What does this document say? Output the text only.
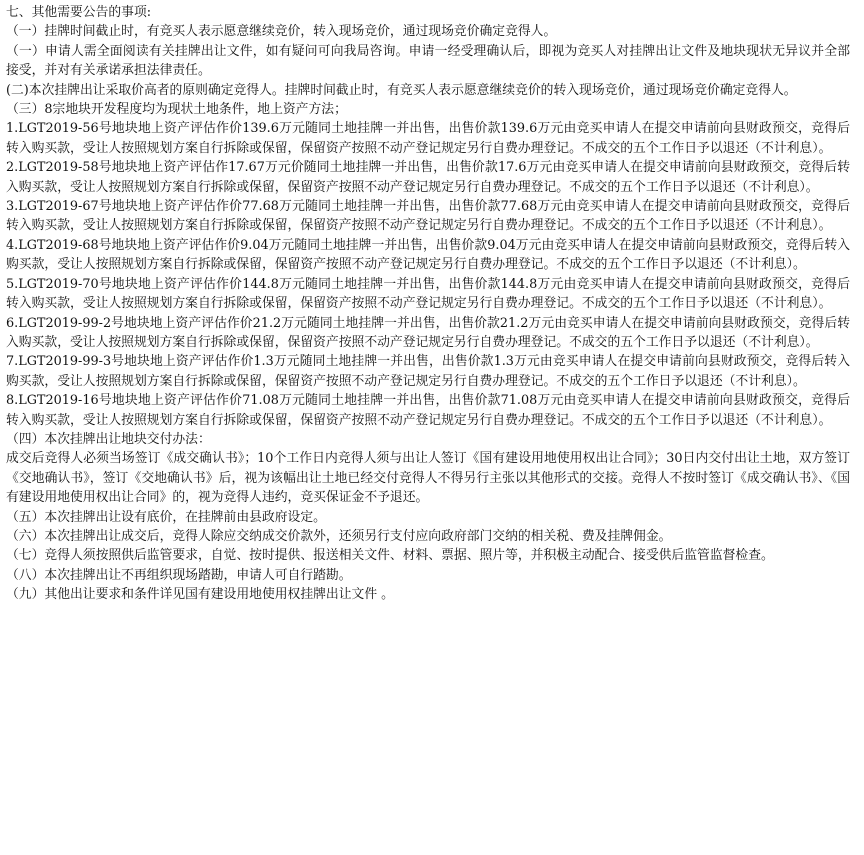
七、其他需要公告的事项:

（一）挂牌时间截止时，有竞买人表示愿意继续竞价，转入现场竞价，通过现场竞价确定竞得人。

（一）申请人需全面阅读有关挂牌出让文件，如有疑问可向我局咨询。申请一经受理确认后，即视为竞买人对挂牌出让文件及地块现状无异议并全部接受，并对有关承诺承担法律责任。

(二)本次挂牌出让采取价高者的原则确定竞得人。挂牌时间截止时，有竞买人表示愿意继续竞价的转入现场竞价，通过现场竞价确定竞得人。

（三）8宗地块开发程度均为现状土地条件，地上资产方法；

1.LGT2019-56号地块地上资产评估作价139.6万元随同土地挂牌一并出售，出售价款139.6万元由竞买申请人在提交申请前向县财政预交，竞得后转入购买款，受让人按照规划方案自行拆除或保留，保留资产按照不动产登记规定另行自费办理登记。不成交的五个工作日予以退还（不计利息）。

2.LGT2019-58号地块地上资产评估作17.67万元价随同土地挂牌一并出售，出售价款17.6万元由竞买申请人在提交申请前向县财政预交，竞得后转入购买款，受让人按照规划方案自行拆除或保留，保留资产按照不动产登记规定另行自费办理登记。不成交的五个工作日予以退还（不计利息）。

3.LGT2019-67号地块地上资产评估作价77.68万元随同土地挂牌一并出售，出售价款77.68万元由竞买申请人在提交申请前向县财政预交，竞得后转入购买款，受让人按照规划方案自行拆除或保留，保留资产按照不动产登记规定另行自费办理登记。不成交的五个工作日予以退还（不计利息）。

4.LGT2019-68号地块地上资产评估作价9.04万元随同土地挂牌一并出售，出售价款9.04万元由竞买申请人在提交申请前向县财政预交，竞得后转入购买款，受让人按照规划方案自行拆除或保留，保留资产按照不动产登记规定另行自费办理登记。不成交的五个工作日予以退还（不计利息）。

5.LGT2019-70号地块地上资产评估作价144.8万元随同土地挂牌一并出售，出售价款144.8万元由竞买申请人在提交申请前向县财政预交，竞得后转入购买款，受让人按照规划方案自行拆除或保留，保留资产按照不动产登记规定另行自费办理登记。不成交的五个工作日予以退还（不计利息）。

6.LGT2019-99-2号地块地上资产评估作价21.2万元随同土地挂牌一并出售，出售价款21.2万元由竞买申请人在提交申请前向县财政预交，竞得后转入购买款，受让人按照规划方案自行拆除或保留，保留资产按照不动产登记规定另行自费办理登记。不成交的五个工作日予以退还（不计利息）。

7.LGT2019-99-3号地块地上资产评估作价1.3万元随同土地挂牌一并出售，出售价款1.3万元由竞买申请人在提交申请前向县财政预交，竞得后转入购买款，受让人按照规划方案自行拆除或保留，保留资产按照不动产登记规定另行自费办理登记。不成交的五个工作日予以退还（不计利息）。

8.LGT2019-16号地块地上资产评估作价71.08万元随同土地挂牌一并出售，出售价款71.08万元由竞买申请人在提交申请前向县财政预交，竞得后转入购买款，受让人按照规划方案自行拆除或保留，保留资产按照不动产登记规定另行自费办理登记。不成交的五个工作日予以退还（不计利息）。

（四）本次挂牌出让地块交付办法：

成交后竞得人必须当场签订《成交确认书》；10个工作日内竞得人须与出让人签订《国有建设用地使用权出让合同》；30日内交付出让土地，双方签订《交地确认书》，签订《交地确认书》后，视为该幅出让土地已经交付竞得人不得另行主张以其他形式的交接。竞得人不按时签订《成交确认书》、《国有建设用地使用权出让合同》的，视为竞得人违约，竞买保证金不予退还。

（五）本次挂牌出让设有底价，在挂牌前由县政府设定。

（六）本次挂牌出让成交后，竞得人除应交纳成交价款外，还须另行支付应向政府部门交纳的相关税、费及挂牌佣金。

（七）竞得人须按照供后监管要求，自觉、按时提供、报送相关文件、材料、票据、照片等，并积极主动配合、接受供后监管监督检查。

（八）本次挂牌出让不再组织现场踏勘，申请人可自行踏勘。

（九）其他出让要求和条件详见国有建设用地使用权挂牌出让文件 。
